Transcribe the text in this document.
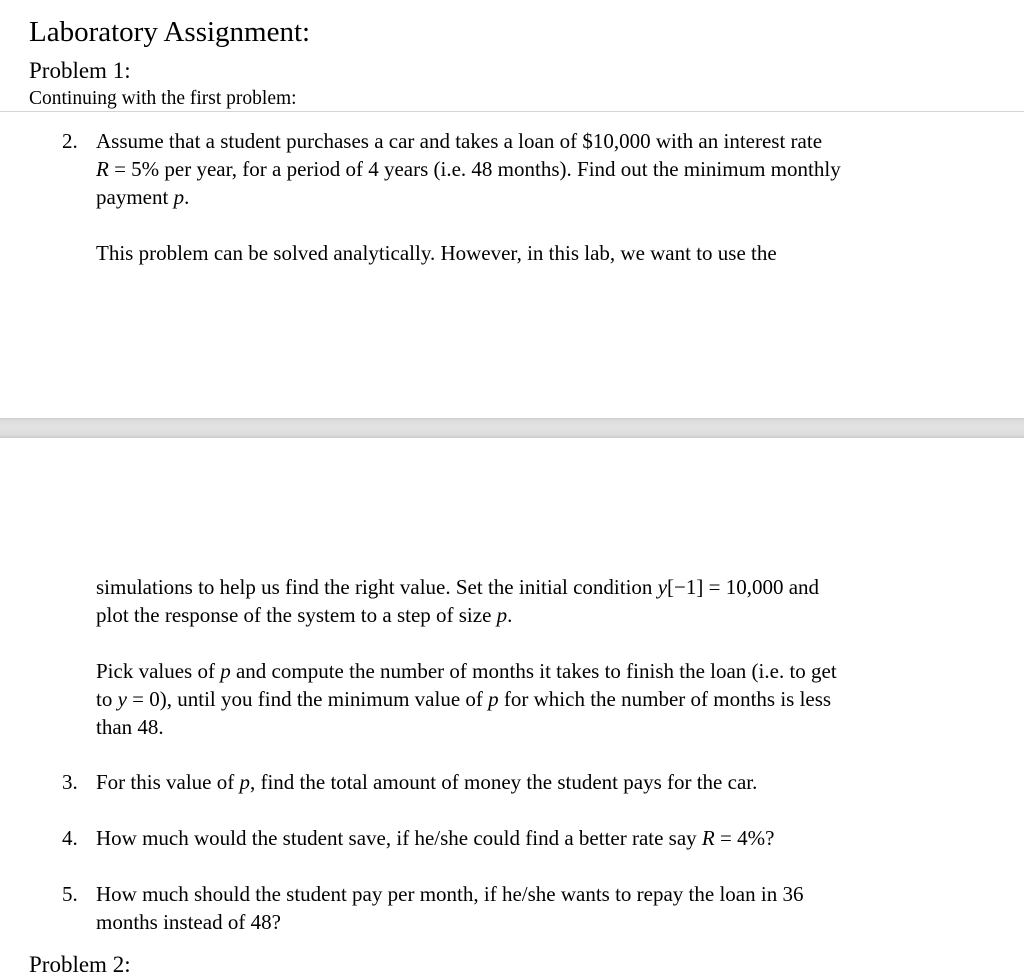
Laboratory Assignment:
Problem 1:
Continuing with the first problem:
2. Assume that a student purchases a car and takes a loan of $10,000 with an interest rate
R = 5% per year, for a period of 4 years (i.e. 48 months). Find out the minimum monthly
payment p.
This problem can be solved analytically. However, in this lab, we want to use the
simulations to help us find the right value. Set the initial condition y[−1] = 10,000 and
plot the response of the system to a step of size p.
Pick values of p and compute the number of months it takes to finish the loan (i.e. to get
to y = 0), until you find the minimum value of p for which the number of months is less
than 48.
3. For this value of p, find the total amount of money the student pays for the car.
4. How much would the student save, if he/she could find a better rate say R = 4%?
5. How much should the student pay per month, if he/she wants to repay the loan in 36
months instead of 48?
Problem 2:
